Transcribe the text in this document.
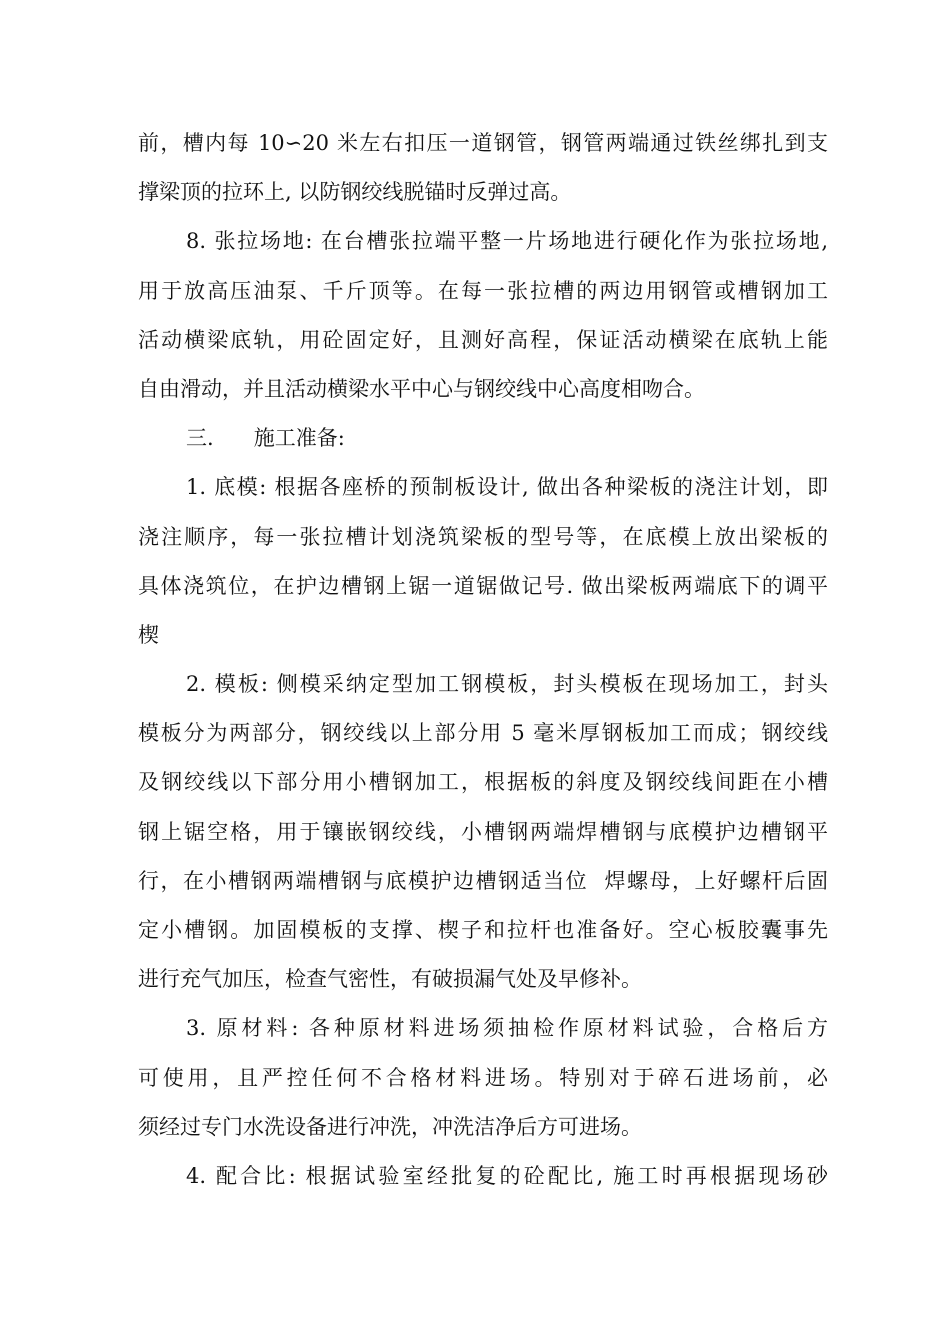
前，槽内每 10∽20 米左右扣压一道钢管，钢管两端通过铁丝绑扎到支
撑梁顶的拉环上, 以防钢绞线脱锚时反弹过高。
8. 张拉场地: 在台槽张拉端平整一片场地进行硬化作为张拉场地,
用于放高压油泵、千斤顶等。在每一张拉槽的两边用钢管或槽钢加工
活动横梁底轨，用砼固定好，且测好高程，保证活动横梁在底轨上能
自由滑动，并且活动横梁水平中心与钢绞线中心高度相吻合。
三.      施工准备:
1. 底模: 根据各座桥的预制板设计, 做出各种梁板的浇注计划，即
浇注顺序，每一张拉槽计划浇筑梁板的型号等，在底模上放出梁板的
具体浇筑位，在护边槽钢上锯一道锯做记号. 做出梁板两端底下的调平
楔
2. 模板: 侧模采纳定型加工钢模板，封头模板在现场加工，封头
模板分为两部分，钢绞线以上部分用 5 毫米厚钢板加工而成；钢绞线
及钢绞线以下部分用小槽钢加工，根据板的斜度及钢绞线间距在小槽
钢上锯空格，用于镶嵌钢绞线，小槽钢两端焊槽钢与底模护边槽钢平
行，在小槽钢两端槽钢与底模护边槽钢适当位  焊螺母，上好螺杆后固
定小槽钢。加固模板的支撑、楔子和拉杆也准备好。空心板胶囊事先
进行充气加压，检查气密性，有破损漏气处及早修补。
3. 原材料: 各种原材料进场须抽检作原材料试验，合格后方
可使用，且严控任何不合格材料进场。特别对于碎石进场前，必
须经过专门水洗设备进行冲洗，冲洗洁净后方可进场。
4. 配合比: 根据试验室经批复的砼配比, 施工时再根据现场砂
